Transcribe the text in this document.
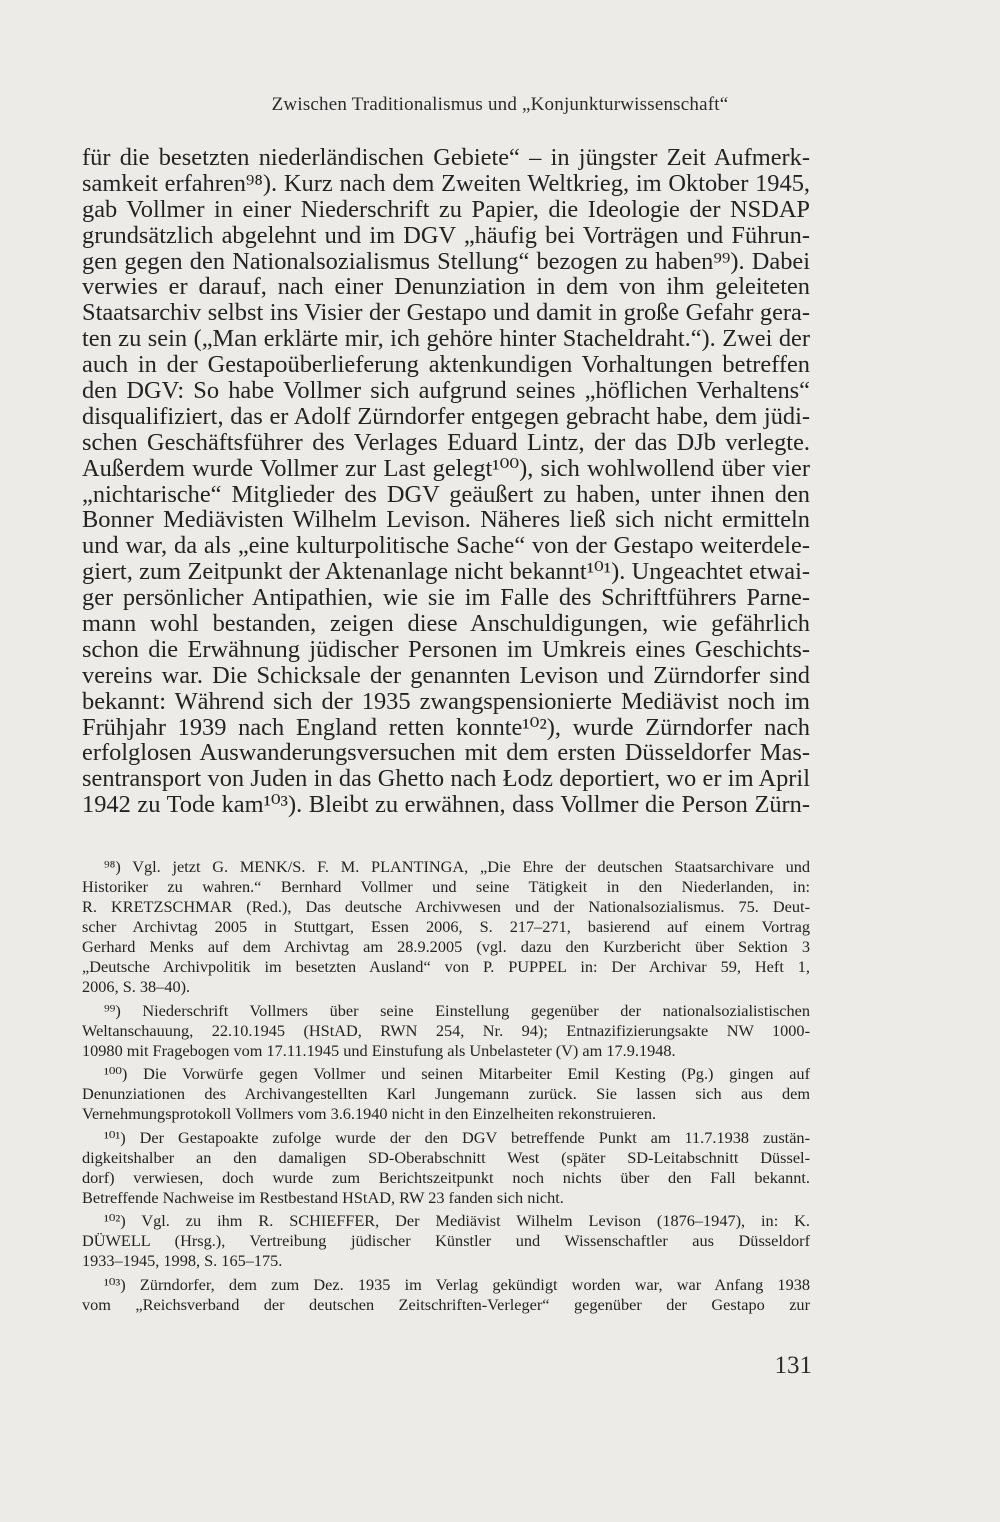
Zwischen Traditionalismus und „Konjunkturwissenschaft“
für die besetzten niederländischen Gebiete“ – in jüngster Zeit Aufmerk-
samkeit erfahren⁹⁸). Kurz nach dem Zweiten Weltkrieg, im Oktober 1945,
gab Vollmer in einer Niederschrift zu Papier, die Ideologie der NSDAP
grundsätzlich abgelehnt und im DGV „häufig bei Vorträgen und Führun-
gen gegen den Nationalsozialismus Stellung“ bezogen zu haben⁹⁹). Dabei
verwies er darauf, nach einer Denunziation in dem von ihm geleiteten
Staatsarchiv selbst ins Visier der Gestapo und damit in große Gefahr gera-
ten zu sein („Man erklärte mir, ich gehöre hinter Stacheldraht.“). Zwei der
auch in der Gestapoüberlieferung aktenkundigen Vorhaltungen betreffen
den DGV: So habe Vollmer sich aufgrund seines „höflichen Verhaltens“
disqualifiziert, das er Adolf Zürndorfer entgegen gebracht habe, dem jüdi-
schen Geschäftsführer des Verlages Eduard Lintz, der das DJb verlegte.
Außerdem wurde Vollmer zur Last gelegt¹⁰⁰), sich wohlwollend über vier
„nichtarische“ Mitglieder des DGV geäußert zu haben, unter ihnen den
Bonner Mediävisten Wilhelm Levison. Näheres ließ sich nicht ermitteln
und war, da als „eine kulturpolitische Sache“ von der Gestapo weiterdele-
giert, zum Zeitpunkt der Aktenanlage nicht bekannt¹⁰¹). Ungeachtet etwai-
ger persönlicher Antipathien, wie sie im Falle des Schriftführers Parne-
mann wohl bestanden, zeigen diese Anschuldigungen, wie gefährlich
schon die Erwähnung jüdischer Personen im Umkreis eines Geschichts-
vereins war. Die Schicksale der genannten Levison und Zürndorfer sind
bekannt: Während sich der 1935 zwangspensionierte Mediävist noch im
Frühjahr 1939 nach England retten konnte¹⁰²), wurde Zürndorfer nach
erfolglosen Auswanderungsversuchen mit dem ersten Düsseldorfer Mas-
sentransport von Juden in das Ghetto nach Łodz deportiert, wo er im April
1942 zu Tode kam¹⁰³). Bleibt zu erwähnen, dass Vollmer die Person Zürn-
⁹⁸) Vgl. jetzt G. MENK/S. F. M. PLANTINGA, „Die Ehre der deutschen Staatsarchivare und
Historiker zu wahren.“ Bernhard Vollmer und seine Tätigkeit in den Niederlanden, in:
R. KRETZSCHMAR (Red.), Das deutsche Archivwesen und der Nationalsozialismus. 75. Deut-
scher Archivtag 2005 in Stuttgart, Essen 2006, S. 217–271, basierend auf einem Vortrag
Gerhard Menks auf dem Archivtag am 28.9.2005 (vgl. dazu den Kurzbericht über Sektion 3
„Deutsche Archivpolitik im besetzten Ausland“ von P. PUPPEL in: Der Archivar 59, Heft 1,
2006, S. 38–40).
⁹⁹) Niederschrift Vollmers über seine Einstellung gegenüber der nationalsozialistischen
Weltanschauung, 22.10.1945 (HStAD, RWN 254, Nr. 94); Entnazifizierungsakte NW 1000-
10980 mit Fragebogen vom 17.11.1945 und Einstufung als Unbelasteter (V) am 17.9.1948.
¹⁰⁰) Die Vorwürfe gegen Vollmer und seinen Mitarbeiter Emil Kesting (Pg.) gingen auf
Denunziationen des Archivangestellten Karl Jungemann zurück. Sie lassen sich aus dem
Vernehmungsprotokoll Vollmers vom 3.6.1940 nicht in den Einzelheiten rekonstruieren.
¹⁰¹) Der Gestapoakte zufolge wurde der den DGV betreffende Punkt am 11.7.1938 zustän-
digkeitshalber an den damaligen SD-Oberabschnitt West (später SD-Leitabschnitt Düssel-
dorf) verwiesen, doch wurde zum Berichtszeitpunkt noch nichts über den Fall bekannt.
Betreffende Nachweise im Restbestand HStAD, RW 23 fanden sich nicht.
¹⁰²) Vgl. zu ihm R. SCHIEFFER, Der Mediävist Wilhelm Levison (1876–1947), in: K.
DÜWELL (Hrsg.), Vertreibung jüdischer Künstler und Wissenschaftler aus Düsseldorf
1933–1945, 1998, S. 165–175.
¹⁰³) Zürndorfer, dem zum Dez. 1935 im Verlag gekündigt worden war, war Anfang 1938
vom „Reichsverband der deutschen Zeitschriften-Verleger“ gegenüber der Gestapo zur
131
